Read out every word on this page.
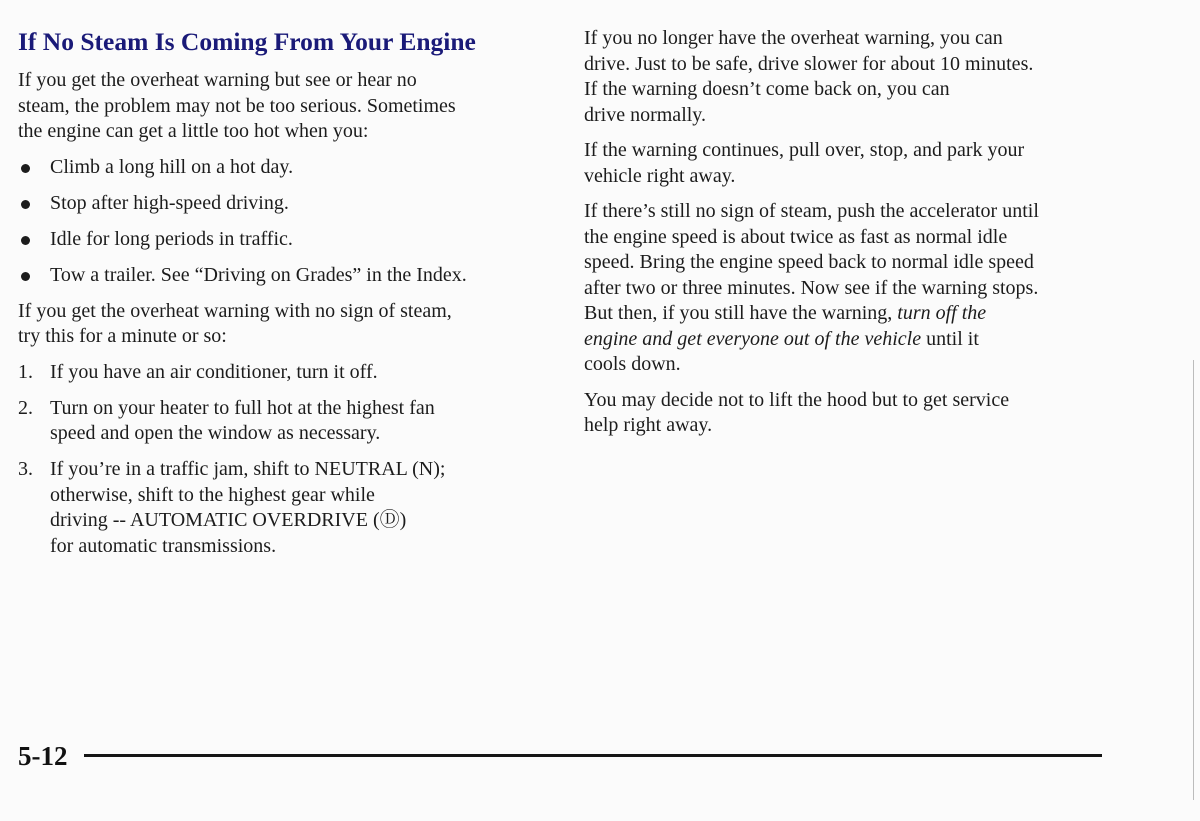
If No Steam Is Coming From Your Engine

If you get the overheat warning but see or hear no
steam, the problem may not be too serious. Sometimes
the engine can get a little too hot when you:

Climb a long hill on a hot day.
Stop after high-speed driving.
Idle for long periods in traffic.
Tow a trailer. See “Driving on Grades” in the Index.

If you get the overheat warning with no sign of steam,
try this for a minute or so:

1. If you have an air conditioner, turn it off.
2. Turn on your heater to full hot at the highest fan
speed and open the window as necessary.
3. If you’re in a traffic jam, shift to NEUTRAL (N);
otherwise, shift to the highest gear while
driving -- AUTOMATIC OVERDRIVE (Ⓓ)
for automatic transmissions.

If you no longer have the overheat warning, you can
drive. Just to be safe, drive slower for about 10 minutes.
If the warning doesn’t come back on, you can
drive normally.

If the warning continues, pull over, stop, and park your
vehicle right away.

If there’s still no sign of steam, push the accelerator until
the engine speed is about twice as fast as normal idle
speed. Bring the engine speed back to normal idle speed
after two or three minutes. Now see if the warning stops.
But then, if you still have the warning, turn off the
engine and get everyone out of the vehicle until it
cools down.

You may decide not to lift the hood but to get service
help right away.

5-12
